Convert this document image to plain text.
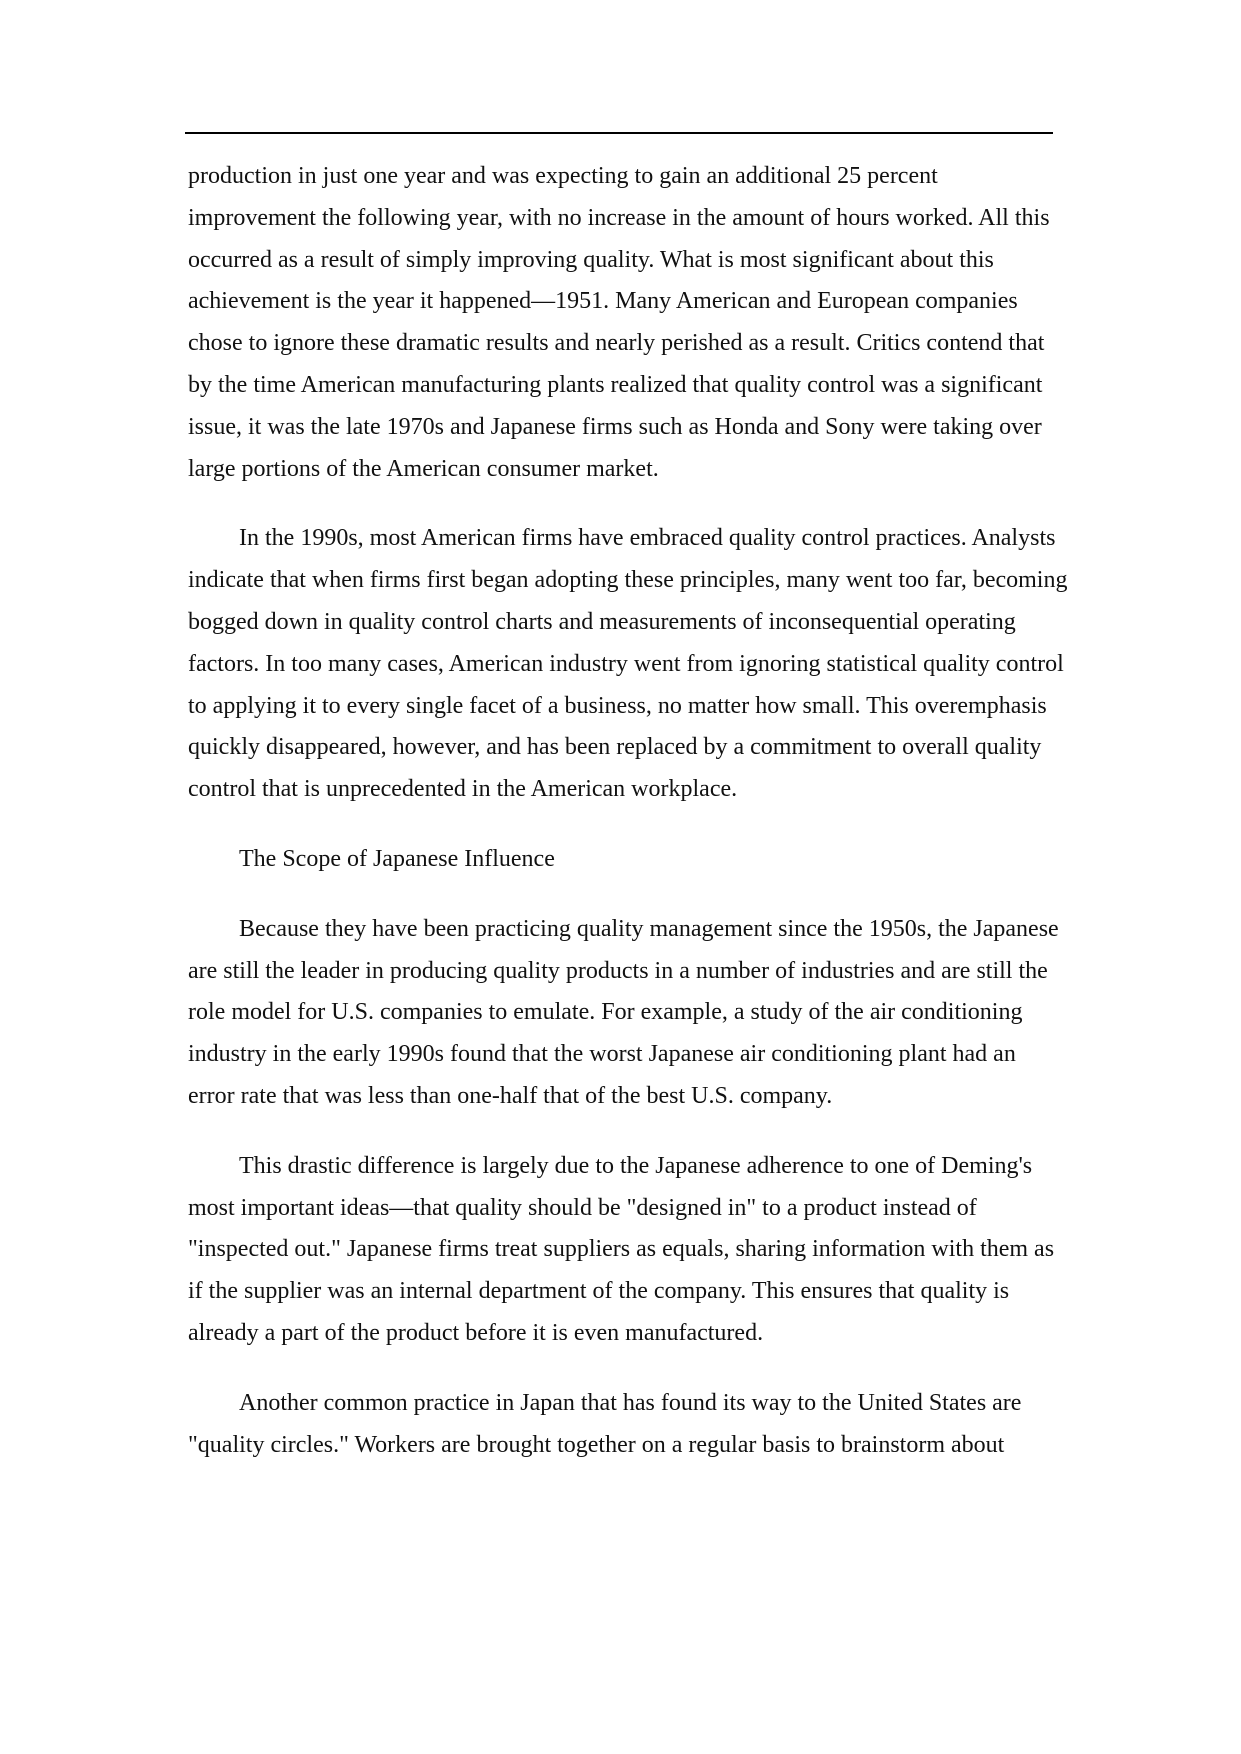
production in just one year and was expecting to gain an additional 25 percent improvement the following year, with no increase in the amount of hours worked. All this occurred as a result of simply improving quality. What is most significant about this achievement is the year it happened—1951. Many American and European companies chose to ignore these dramatic results and nearly perished as a result. Critics contend that by the time American manufacturing plants realized that quality control was a significant issue, it was the late 1970s and Japanese firms such as Honda and Sony were taking over large portions of the American consumer market.

In the 1990s, most American firms have embraced quality control practices. Analysts indicate that when firms first began adopting these principles, many went too far, becoming bogged down in quality control charts and measurements of inconsequential operating factors. In too many cases, American industry went from ignoring statistical quality control to applying it to every single facet of a business, no matter how small. This overemphasis quickly disappeared, however, and has been replaced by a commitment to overall quality control that is unprecedented in the American workplace.

The Scope of Japanese Influence

Because they have been practicing quality management since the 1950s, the Japanese are still the leader in producing quality products in a number of industries and are still the role model for U.S. companies to emulate. For example, a study of the air conditioning industry in the early 1990s found that the worst Japanese air conditioning plant had an error rate that was less than one-half that of the best U.S. company.

This drastic difference is largely due to the Japanese adherence to one of Deming's most important ideas—that quality should be "designed in" to a product instead of "inspected out." Japanese firms treat suppliers as equals, sharing information with them as if the supplier was an internal department of the company. This ensures that quality is already a part of the product before it is even manufactured.

Another common practice in Japan that has found its way to the United States are "quality circles." Workers are brought together on a regular basis to brainstorm about
